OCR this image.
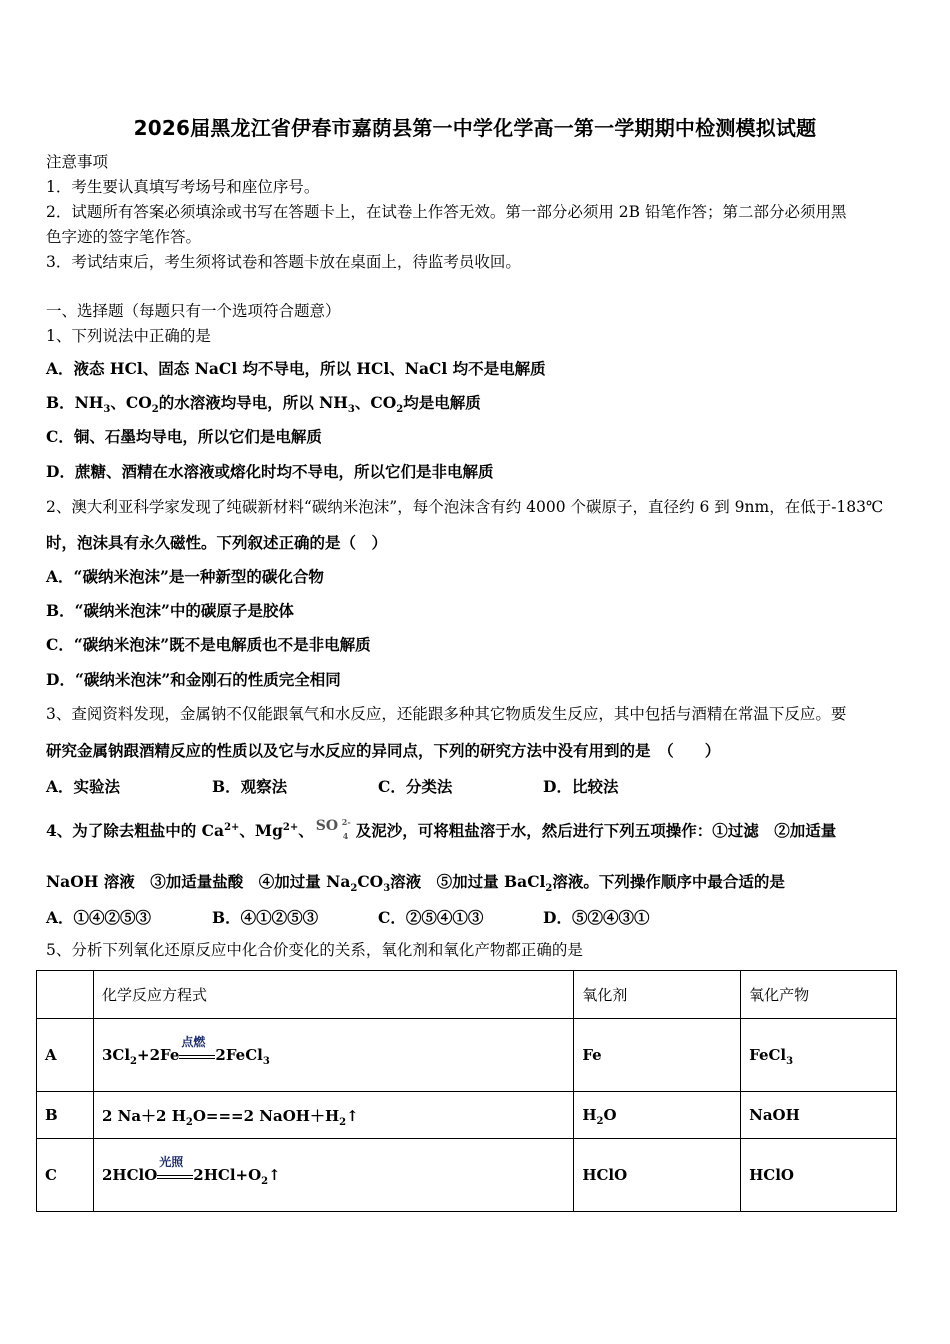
2026届黑龙江省伊春市嘉荫县第一中学化学高一第一学期期中检测模拟试题
注意事项
1．考生要认真填写考场号和座位序号。
2．试题所有答案必须填涂或书写在答题卡上，在试卷上作答无效。第一部分必须用 2B 铅笔作答；第二部分必须用黑
色字迹的签字笔作答。
3．考试结束后，考生须将试卷和答题卡放在桌面上，待监考员收回。
一、选择题（每题只有一个选项符合题意）
1、下列说法中正确的是
A．液态 HCl、固态 NaCl 均不导电，所以 HCl、NaCl 均不是电解质
B．$NH_3$、$CO_2$的水溶液均导电，所以 $NH_3$、$CO_2$均是电解质
C．铜、石墨均导电，所以它们是电解质
D．蔗糖、酒精在水溶液或熔化时均不导电，所以它们是非电解质
2、澳大利亚科学家发现了纯碳新材料“碳纳米泡沫”，每个泡沫含有约 4000 个碳原子，直径约 6 到 9nm，在低于-183℃
时，泡沫具有永久磁性。下列叙述正确的是（　）
A．“碳纳米泡沫”是一种新型的碳化合物
B．“碳纳米泡沫”中的碳原子是胶体
C．“碳纳米泡沫”既不是电解质也不是非电解质
D．“碳纳米泡沫”和金刚石的性质完全相同
3、查阅资料发现，金属钠不仅能跟氧气和水反应，还能跟多种其它物质发生反应，其中包括与酒精在常温下反应。要
研究金属钠跟酒精反应的性质以及它与水反应的异同点，下列的研究方法中没有用到的是　（　　）
A．实验法	B．观察法	C．分类法	D．比较法
4、为了除去粗盐中的 $Ca^{2+}$、$Mg^{2+}$、 SO 2-
4 及泥沙，可将粗盐溶于水，然后进行下列五项操作：①过滤　②加适量
NaOH 溶液　③加适量盐酸　④加过量 $Na_2CO_3$溶液　⑤加过量 BaCl$_2$溶液。下列操作顺序中最合适的是
A．①④②⑤③	B．④①②⑤③	C．②⑤④①③	D．⑤②④③①
5、分析下列氧化还原反应中化合价变化的关系，氧化剂和氧化产物都正确的是
	化学反应方程式	氧化剂	氧化产物
A	$3Cl_2+2Fe$
点燃
2FeCl$_3$	Fe	FeCl$_3$
B	2 Na＋2 $H_2O===2$ $NaOH+H_2↑$	$H_2O$	NaOH
C	2HClO
光照
$2HCl+O_2↑$	HClO	HClO
